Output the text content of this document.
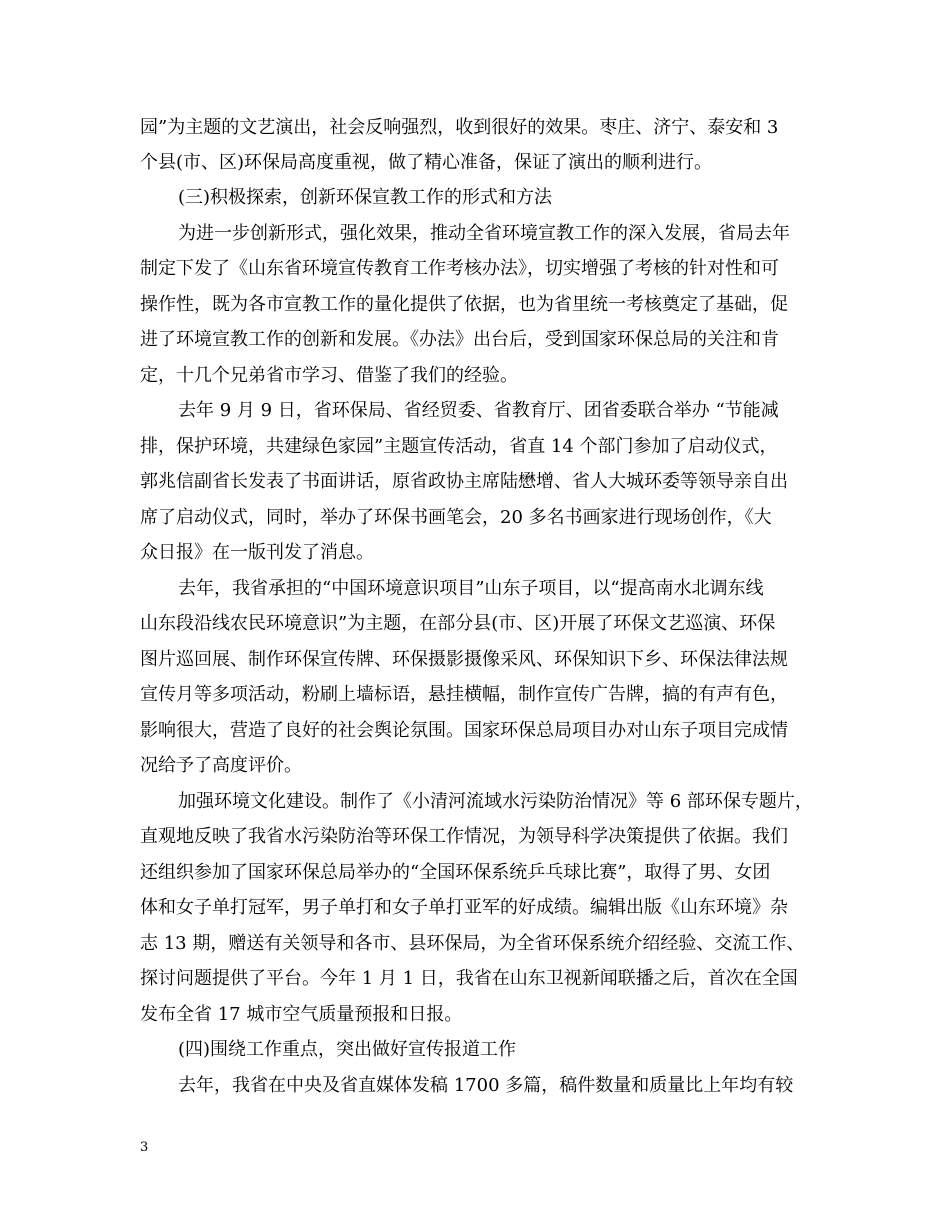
园”为主题的文艺演出，社会反响强烈，收到很好的效果。枣庄、济宁、泰安和 3
个县(市、区)环保局高度重视，做了精心准备，保证了演出的顺利进行。
(三)积极探索，创新环保宣教工作的形式和方法
为进一步创新形式，强化效果，推动全省环境宣教工作的深入发展，省局去年
制定下发了《山东省环境宣传教育工作考核办法》，切实增强了考核的针对性和可
操作性，既为各市宣教工作的量化提供了依据，也为省里统一考核奠定了基础，促
进了环境宣教工作的创新和发展。《办法》出台后，受到国家环保总局的关注和肯
定，十几个兄弟省市学习、借鉴了我们的经验。
去年 9 月 9 日，省环保局、省经贸委、省教育厅、团省委联合举办 “节能减
排，保护环境，共建绿色家园”主题宣传活动，省直 14 个部门参加了启动仪式，
郭兆信副省长发表了书面讲话，原省政协主席陆懋增、省人大城环委等领导亲自出
席了启动仪式，同时，举办了环保书画笔会，20 多名书画家进行现场创作，《大
众日报》在一版刊发了消息。
去年，我省承担的“中国环境意识项目”山东子项目，以“提高南水北调东线
山东段沿线农民环境意识”为主题，在部分县(市、区)开展了环保文艺巡演、环保
图片巡回展、制作环保宣传牌、环保摄影摄像采风、环保知识下乡、环保法律法规
宣传月等多项活动，粉刷上墙标语，悬挂横幅，制作宣传广告牌，搞的有声有色，
影响很大，营造了良好的社会舆论氛围。国家环保总局项目办对山东子项目完成情
况给予了高度评价。
加强环境文化建设。制作了《小清河流域水污染防治情况》等 6 部环保专题片，
直观地反映了我省水污染防治等环保工作情况，为领导科学决策提供了依据。我们
还组织参加了国家环保总局举办的“全国环保系统乒乓球比赛”，取得了男、女团
体和女子单打冠军，男子单打和女子单打亚军的好成绩。编辑出版《山东环境》杂
志 13 期，赠送有关领导和各市、县环保局，为全省环保系统介绍经验、交流工作、
探讨问题提供了平台。今年 1 月 1 日，我省在山东卫视新闻联播之后，首次在全国
发布全省 17 城市空气质量预报和日报。
(四)围绕工作重点，突出做好宣传报道工作
去年，我省在中央及省直媒体发稿 1700 多篇，稿件数量和质量比上年均有较
3
